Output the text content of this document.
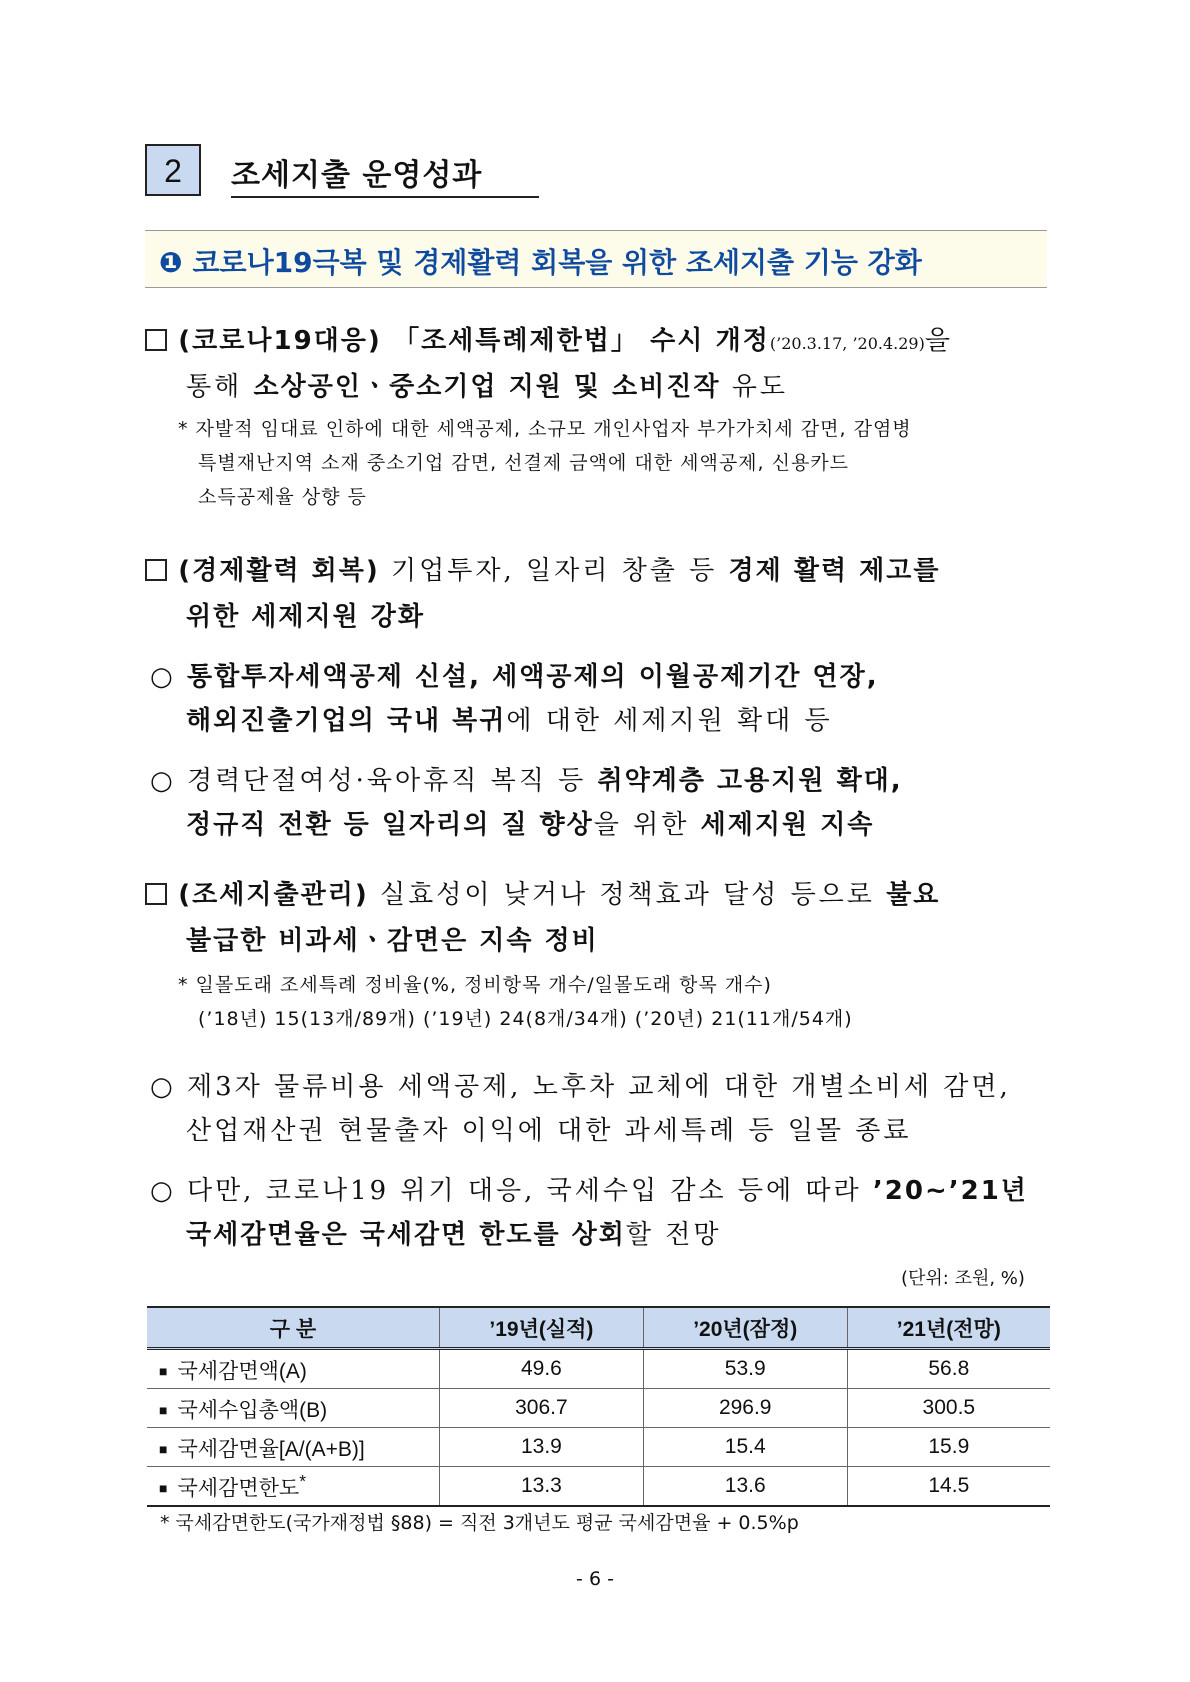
2	조세지출 운영성과
❶ 코로나19극복 및 경제활력 회복을 위한 조세지출 기능 강화
(코로나19대응) 「조세특례제한법」 수시 개정(’20.3.17, ’20.4.29)을
통해 소상공인ㆍ중소기업 지원 및 소비진작 유도
* 자발적 임대료 인하에 대한 세액공제, 소규모 개인사업자 부가가치세 감면, 감염병
특별재난지역 소재 중소기업 감면, 선결제 금액에 대한 세액공제, 신용카드
소득공제율 상향 등
(경제활력 회복) 기업투자, 일자리 창출 등 경제 활력 제고를
위한 세제지원 강화
○ 통합투자세액공제 신설, 세액공제의 이월공제기간 연장,
해외진출기업의 국내 복귀에 대한 세제지원 확대 등
○ 경력단절여성·육아휴직 복직 등 취약계층 고용지원 확대,
정규직 전환 등 일자리의 질 향상을 위한 세제지원 지속
(조세지출관리) 실효성이 낮거나 정책효과 달성 등으로 불요
불급한 비과세ㆍ감면은 지속 정비
* 일몰도래 조세특례 정비율(%, 정비항목 개수/일몰도래 항목 개수)
(’18년) 15(13개/89개) (’19년) 24(8개/34개) (’20년) 21(11개/54개)
○ 제3자 물류비용 세액공제, 노후차 교체에 대한 개별소비세 감면,
산업재산권 현물출자 이익에 대한 과세특례 등 일몰 종료
○ 다만, 코로나19 위기 대응, 국세수입 감소 등에 따라 ’20~’21년
국세감면율은 국세감면 한도를 상회할 전망
(단위: 조원, %)
구 분	’19년(실적)	’20년(잠정)	’21년(전망)
■ 국세감면액(A)	49.6	53.9	56.8
■ 국세수입총액(B)	306.7	296.9	300.5
■ 국세감면율[A/(A+B)]	13.9	15.4	15.9
■ 국세감면한도*	13.3	13.6	14.5
* 국세감면한도(국가재정법 §88) = 직전 3개년도 평균 국세감면율 + 0.5%p
- 6 -
